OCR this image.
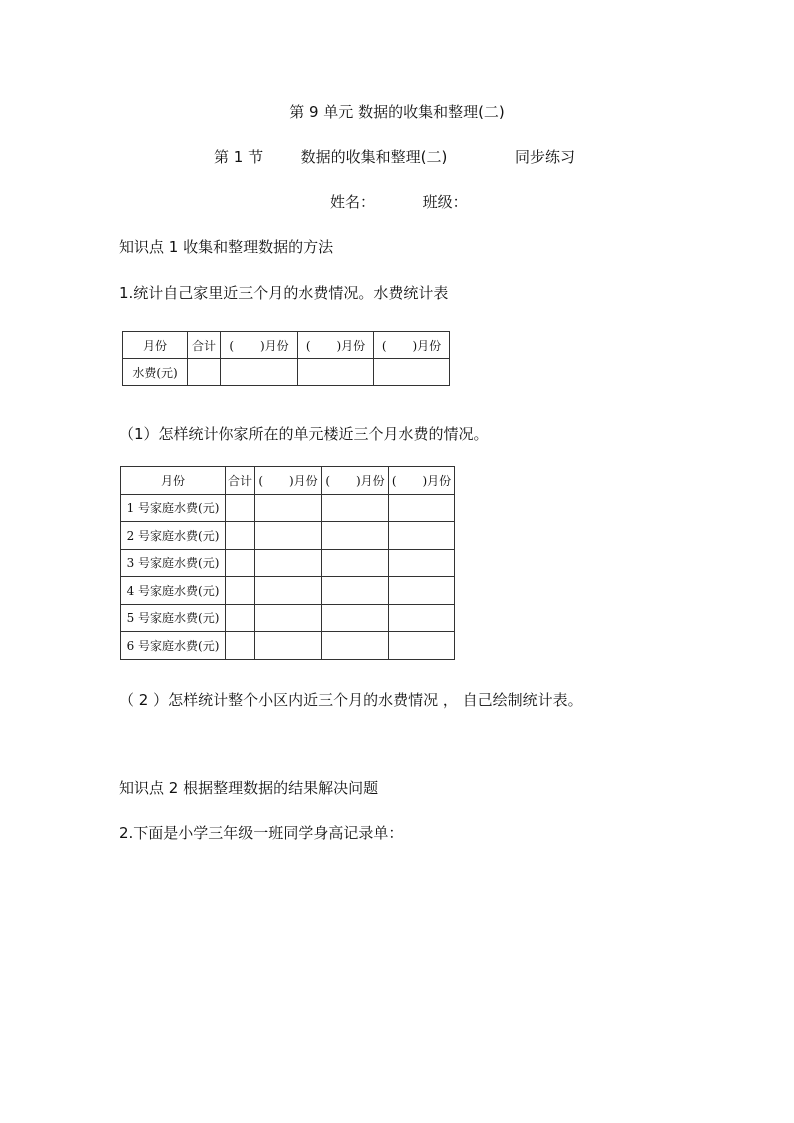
第 9 单元 数据的收集和整理(二)
第 1 节	数据的收集和整理(二)	同步练习
姓名：	班级：
知识点 1 收集和整理数据的方法
1.统计自己家里近三个月的水费情况。水费统计表
月份	合计	( )月份	( )月份	( )月份
水费(元)				
（1）怎样统计你家所在的单元楼近三个月水费的情况。
月份	合计	( )月份	( )月份	( )月份
1 号家庭水费(元)				
2 号家庭水费(元)				
3 号家庭水费(元)				
4 号家庭水费(元)				
5 号家庭水费(元)				
6 号家庭水费(元)				
（ 2 ）怎样统计整个小区内近三个月的水费情况 ， 自己绘制统计表。
知识点 2 根据整理数据的结果解决问题
2.下面是小学三年级一班同学身高记录单：
